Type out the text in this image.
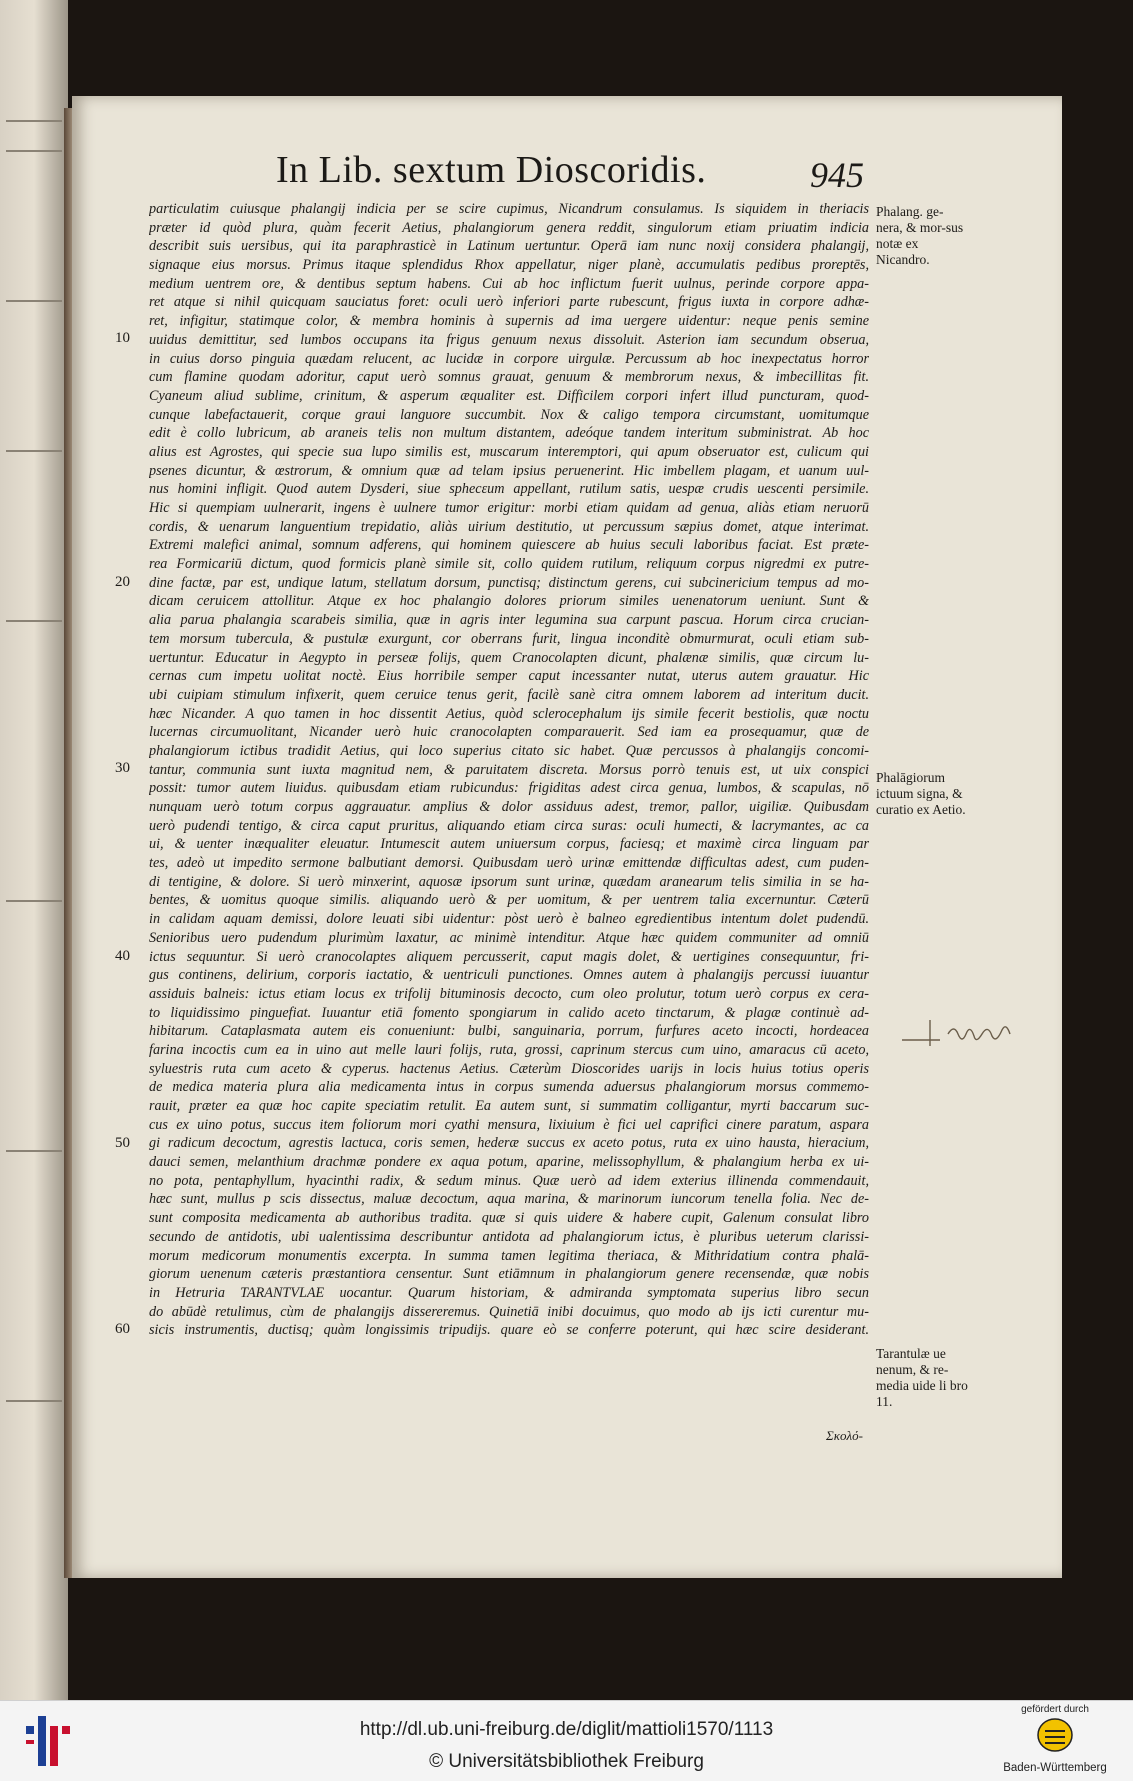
In Lib. sextum Dioscoridis.	945
10
20
30
40
50
60
particulatim cuiusque phalangij indicia per se scire cupimus, Nicandrum consulamus. Is siquidem in theriacis
præter id quòd plura, quàm fecerit Aetius, phalangiorum genera reddit, singulorum etiam priuatim indicia
describit suis uersibus, qui ita paraphrasticè in Latinum uertuntur. Operā iam nunc noxij considera phalangij,
signaque eius morsus. Primus itaque splendidus Rhox appellatur, niger planè, accumulatis pedibus proreptēs,
medium uentrem ore, & dentibus septum habens. Cui ab hoc inflictum fuerit uulnus, perinde corpore appa-
ret atque si nihil quicquam sauciatus foret: oculi uerò inferiori parte rubescunt, frigus iuxta in corpore adhæ-
ret, infigitur, statimque color, & membra hominis à supernis ad ima uergere uidentur: neque penis semine
uuidus demittitur, sed lumbos occupans ita frigus genuum nexus dissoluit. Asterion iam secundum obserua,
in cuius dorso pinguia quædam relucent, ac lucidæ in corpore uirgulæ. Percussum ab hoc inexpectatus horror
cum flamine quodam adoritur, caput uerò somnus grauat, genuum & membrorum nexus, & imbecillitas fit.
Cyaneum aliud sublime, crinitum, & asperum æqualiter est. Difficilem corpori infert illud puncturam, quod-
cunque labefactauerit, corque graui languore succumbit. Nox & caligo tempora circumstant, uomitumque
edit è collo lubricum, ab araneis telis non multum distantem, adeóque tandem interitum subministrat. Ab hoc
alius est Agrostes, qui specie sua lupo similis est, muscarum interemptori, qui apum obseruator est, culicum qui
psenes dicuntur, & œstrorum, & omnium quæ ad telam ipsius peruenerint. Hic imbellem plagam, et uanum uul-
nus homini infligit. Quod autem Dysderi, siue sphecεum appellant, rutilum satis, uespæ crudis uescenti persimile.
Hic si quempiam uulnerarit, ingens è uulnere tumor erigitur: morbi etiam quidam ad genua, aliàs etiam neruorū
cordis, & uenarum languentium trepidatio, aliàs uirium destitutio, ut percussum sæpius domet, atque interimat.
Extremi malefici animal, somnum adferens, qui hominem quiescere ab huius seculi laboribus faciat. Est præte-
rea Formicariū dictum, quod formicis planè simile sit, collo quidem rutilum, reliquum corpus nigredmi ex putre-
dine factæ, par est, undique latum, stellatum dorsum, punctisq; distinctum gerens, cui subcinericium tempus ad mo-
dicam ceruicem attollitur. Atque ex hoc phalangio dolores priorum similes uenenatorum ueniunt. Sunt &
alia parua phalangia scarabeis similia, quæ in agris inter legumina sua carpunt pascua. Horum circa crucian-
tem morsum tubercula, & pustulæ exurgunt, cor oberrans furit, lingua inconditè obmurmurat, oculi etiam sub-
uertuntur. Educatur in Aegypto in perseæ folijs, quem Cranocolapten dicunt, phalænæ similis, quæ circum lu-
cernas cum impetu uolitat noctè. Eius horribile semper caput incessanter nutat, uterus autem grauatur. Hic
ubi cuipiam stimulum infixerit, quem ceruice tenus gerit, facilè sanè citra omnem laborem ad interitum ducit.
hæc Nicander. A quo tamen in hoc dissentit Aetius, quòd sclerocephalum ijs simile fecerit bestiolis, quæ noctu
lucernas circumuolitant, Nicander uerò huic cranocolapten comparauerit. Sed iam ea prosequamur, quæ de
phalangiorum ictibus tradidit Aetius, qui loco superius citato sic habet. Quæ percussos à phalangijs concomi-
tantur, communia sunt iuxta magnitud nem, & paruitatem discreta. Morsus porrò tenuis est, ut uix conspici
possit: tumor autem liuidus. quibusdam etiam rubicundus: frigiditas adest circa genua, lumbos, & scapulas, nō
nunquam uerò totum corpus aggrauatur. amplius & dolor assiduus adest, tremor, pallor, uigiliæ. Quibusdam
uerò pudendi tentigo, & circa caput pruritus, aliquando etiam circa suras: oculi humecti, & lacrymantes, ac ca
ui, & uenter inæqualiter eleuatur. Intumescit autem uniuersum corpus, faciesq; et maximè circa linguam par
tes, adeò ut impedito sermone balbutiant demorsi. Quibusdam uerò urinæ emittendæ difficultas adest, cum puden-
di tentigine, & dolore. Si uerò minxerint, aquosæ ipsorum sunt urinæ, quædam aranearum telis similia in se ha-
bentes, & uomitus quoque similis. aliquando uerò & per uomitum, & per uentrem talia excernuntur. Cæterū
in calidam aquam demissi, dolore leuati sibi uidentur: pòst uerò è balneo egredientibus intentum dolet pudendū.
Senioribus uero pudendum plurimùm laxatur, ac minimè intenditur. Atque hæc quidem communiter ad omniū
ictus sequuntur. Si uerò cranocolaptes aliquem percusserit, caput magis dolet, & uertigines consequuntur, fri-
gus continens, delirium, corporis iactatio, & uentriculi punctiones. Omnes autem à phalangijs percussi iuuantur
assiduis balneis: ictus etiam locus ex trifolij bituminosis decocto, cum oleo prolutur, totum uerò corpus ex cera-
to liquidissimo pinguefiat. Iuuantur etiā fomento spongiarum in calido aceto tinctarum, & plagæ continuè ad-
hibitarum. Cataplasmata autem eis conueniunt: bulbi, sanguinaria, porrum, furfures aceto incocti, hordeacea
farina incoctis cum ea in uino aut melle lauri folijs, ruta, grossi, caprinum stercus cum uino, amaracus cū aceto,
syluestris ruta cum aceto & cyperus. hactenus Aetius. Cæterùm Dioscorides uarijs in locis huius totius operis
de medica materia plura alia medicamenta intus in corpus sumenda aduersus phalangiorum morsus commemo-
rauit, præter ea quæ hoc capite speciatim retulit. Ea autem sunt, si summatim colligantur, myrti baccarum suc-
cus ex uino potus, succus item foliorum mori cyathi mensura, lixiuium è fici uel caprifici cinere paratum, aspara
gi radicum decoctum, agrestis lactuca, coris semen, hederæ succus ex aceto potus, ruta ex uino hausta, hieracium,
dauci semen, melanthium drachmæ pondere ex aqua potum, aparine, melissophyllum, & phalangium herba ex ui-
no pota, pentaphyllum, hyacinthi radix, & sedum minus. Quæ uerò ad idem exterius illinenda commendauit,
hæc sunt, mullus p scis dissectus, maluæ decoctum, aqua marina, & marinorum iuncorum tenella folia. Nec de-
sunt composita medicamenta ab authoribus tradita. quæ si quis uidere & habere cupit, Galenum consulat libro
secundo de antidotis, ubi ualentissima describuntur antidota ad phalangiorum ictus, è pluribus ueterum clarissi-
morum medicorum monumentis excerpta. In summa tamen legitima theriaca, & Mithridatium contra phalā-
giorum uenenum cæteris præstantiora censentur. Sunt etiāmnum in phalangiorum genere recensendæ, quæ nobis
in Hetruria TARANTVLAE uocantur. Quarum historiam, & admiranda symptomata superius libro secun
do abūdè retulimus, cùm de phalangijs dissereremus. Quinetiā inibi docuimus, quo modo ab ijs icti curentur mu-
sicis instrumentis, ductisq; quàm longissimis tripudijs. quare eò se conferre poterunt, qui hæc scire desiderant.
Phalang. ge-nera, & mor-sus notæ ex Nicandro.
Phalāgiorum ictuum signa, & curatio ex Aetio.
Tarantulæ ue nenum, & re-media uide li bro 11.
Σκολό-
http://dl.ub.uni-freiburg.de/diglit/mattioli1570/1113
© Universitätsbibliothek Freiburg
gefördert durch
Baden-Württemberg
